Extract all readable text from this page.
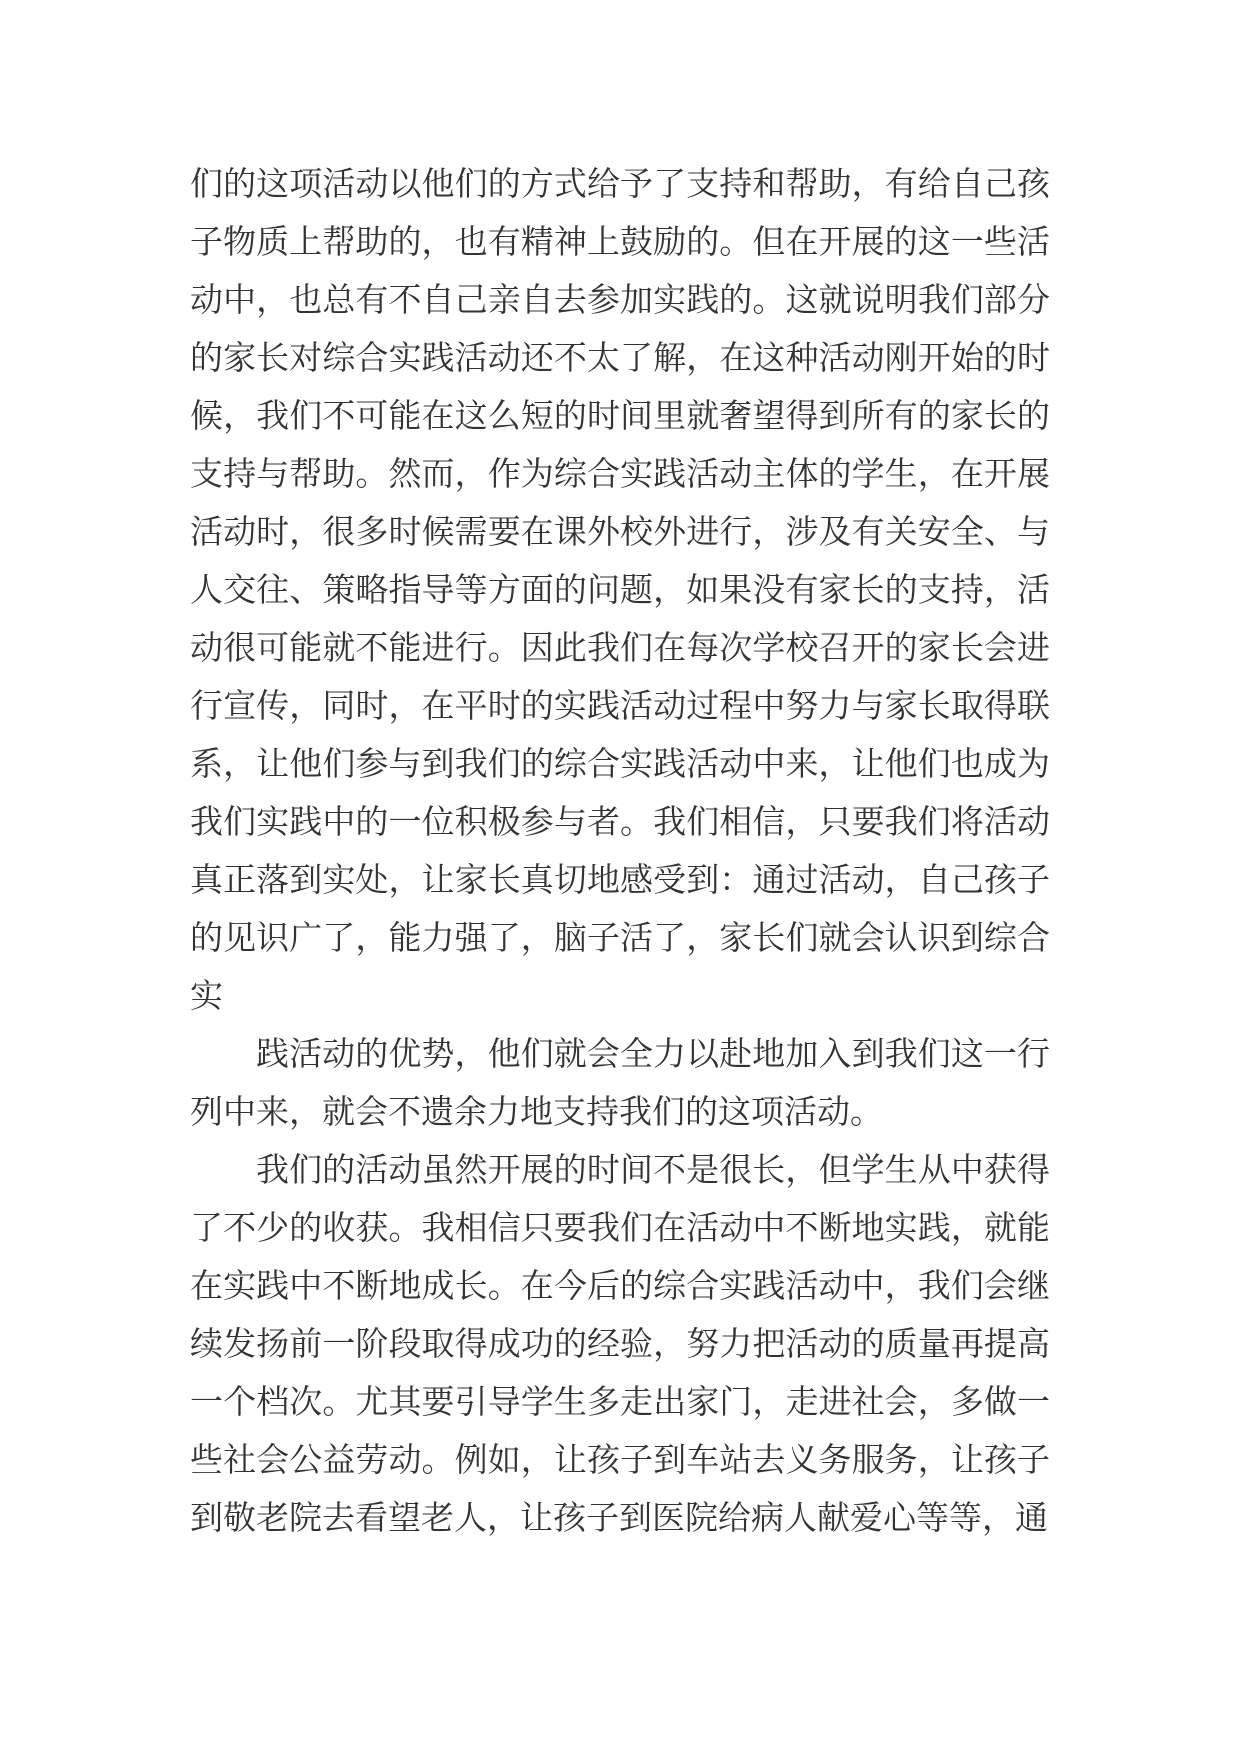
们的这项活动以他们的方式给予了支持和帮助，有给自己孩子物质上帮助的，也有精神上鼓励的。但在开展的这一些活动中，也总有不自己亲自去参加实践的。这就说明我们部分的家长对综合实践活动还不太了解，在这种活动刚开始的时候，我们不可能在这么短的时间里就奢望得到所有的家长的支持与帮助。然而，作为综合实践活动主体的学生，在开展活动时，很多时候需要在课外校外进行，涉及有关安全、与人交往、策略指导等方面的问题，如果没有家长的支持，活动很可能就不能进行。因此我们在每次学校召开的家长会进行宣传，同时，在平时的实践活动过程中努力与家长取得联系，让他们参与到我们的综合实践活动中来，让他们也成为我们实践中的一位积极参与者。我们相信，只要我们将活动真正落到实处，让家长真切地感受到：通过活动，自己孩子的见识广了，能力强了，脑子活了，家长们就会认识到综合实

践活动的优势，他们就会全力以赴地加入到我们这一行列中来，就会不遗余力地支持我们的这项活动。

我们的活动虽然开展的时间不是很长，但学生从中获得了不少的收获。我相信只要我们在活动中不断地实践，就能在实践中不断地成长。在今后的综合实践活动中，我们会继续发扬前一阶段取得成功的经验，努力把活动的质量再提高一个档次。尤其要引导学生多走出家门，走进社会，多做一些社会公益劳动。例如，让孩子到车站去义务服务，让孩子到敬老院去看望老人，让孩子到医院给病人献爱心等等，通
